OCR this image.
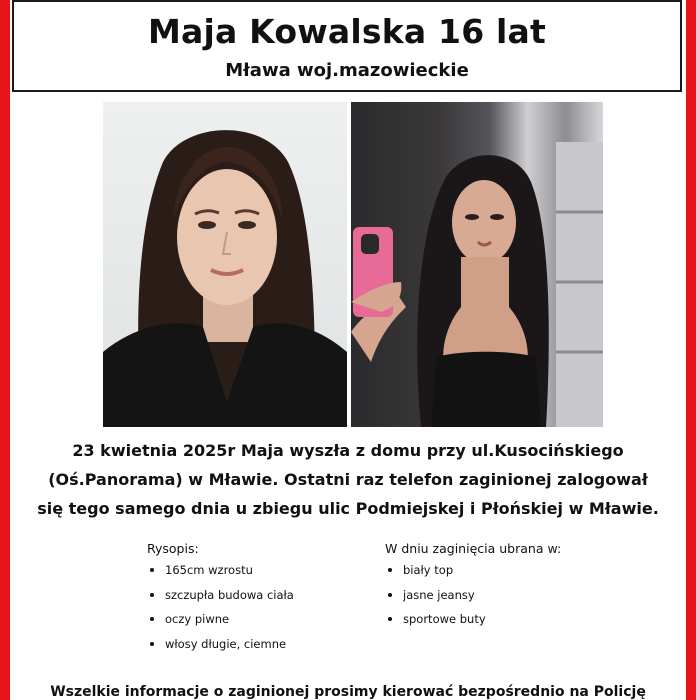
Maja Kowalska 16 lat
Mława woj.mazowieckie
23 kwietnia 2025r Maja wyszła z domu przy ul.Kusocińskiego
(Oś.Panorama) w Mławie. Ostatni raz telefon zaginionej zalogował
się tego samego dnia u zbiegu ulic Podmiejskej i Płońskiej w Mławie.
Rysopis:
165cm wzrostu
szczupła budowa ciała
oczy piwne
włosy długie, ciemne
W dniu zaginięcia ubrana w:
biały top
jasne jeansy
sportowe buty
Wszelkie informacje o zaginionej prosimy kierować bezpośrednio na Policję
